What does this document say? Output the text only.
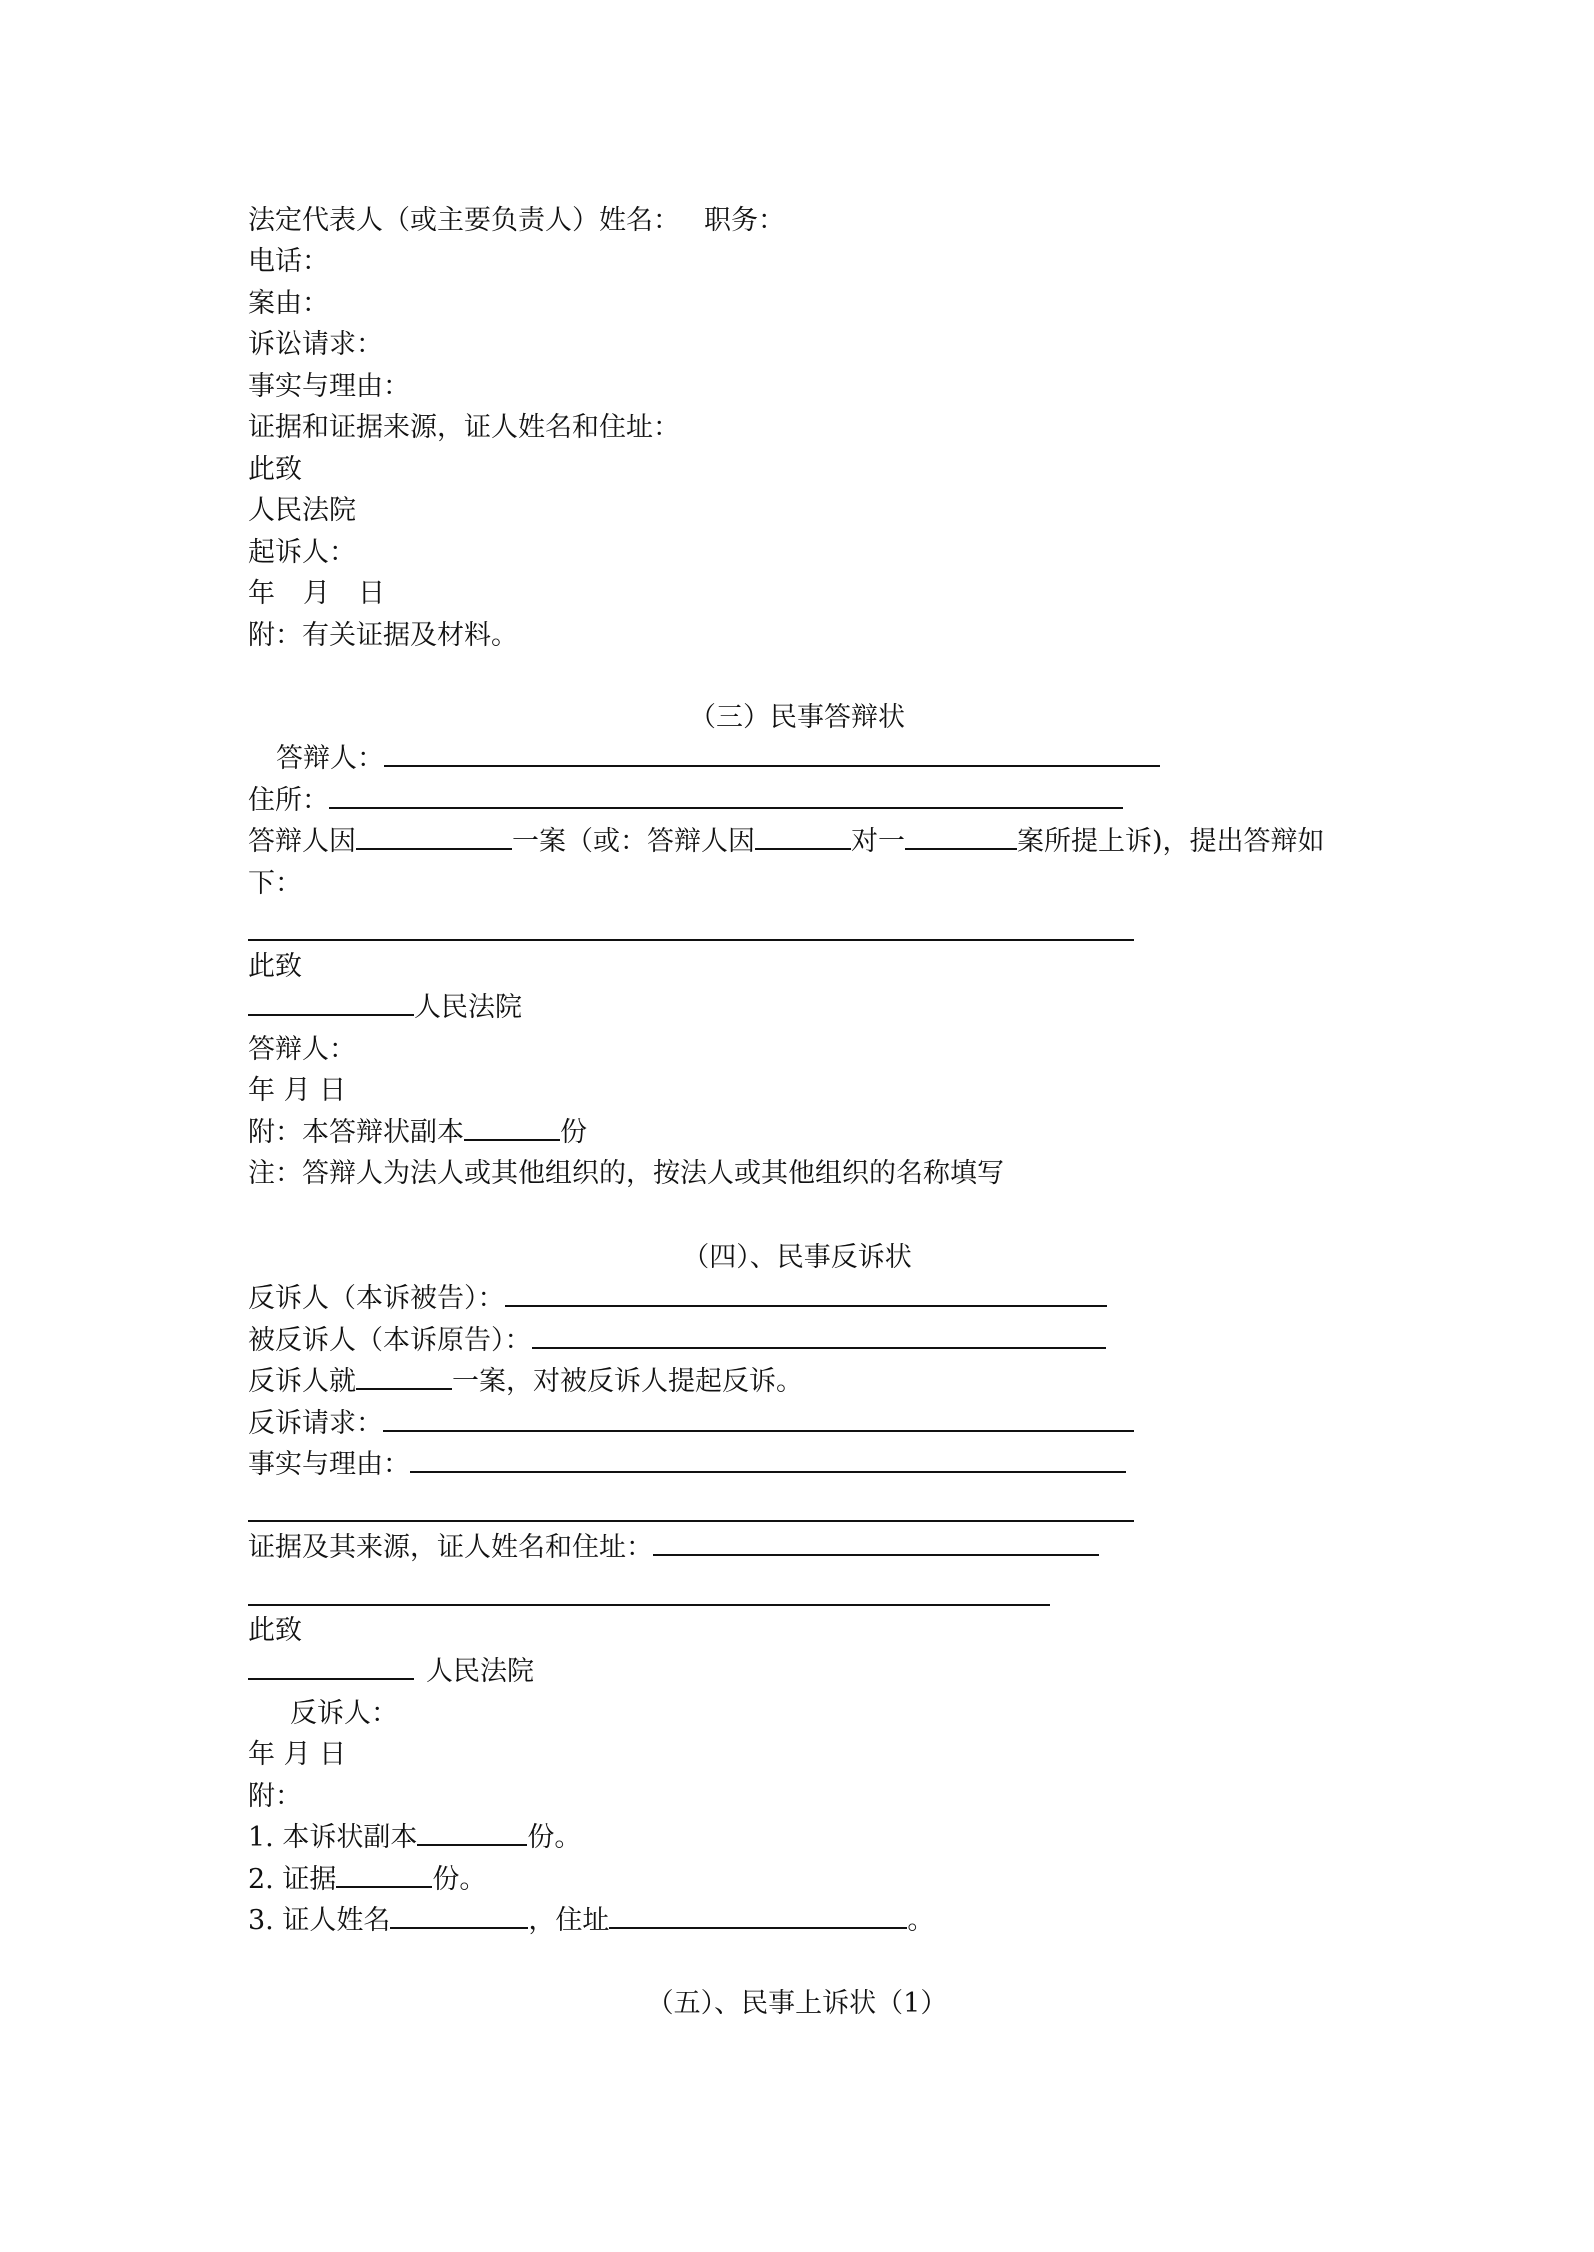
法定代表人（或主要负责人）姓名： 职务：
电话：
案由：
诉讼请求：
事实与理由：
证据和证据来源，证人姓名和住址：
此致
人民法院
起诉人：
年 月 日
附：有关证据及材料。
（三）民事答辩状
答辩人：
住所：
答辩人因	一案（或：答辩人因	对一	案所提上诉)，提出答辩如
下：
此致
人民法院
答辩人：
年 月 日
附：本答辩状副本	份
注：答辩人为法人或其他组织的，按法人或其他组织的名称填写
（四）、民事反诉状
反诉人（本诉被告）：
被反诉人（本诉原告）：
反诉人就	一案，对被反诉人提起反诉。
反诉请求：
事实与理由：
证据及其来源，证人姓名和住址：
此致
人民法院
反诉人：
年 月 日
附：
1. 本诉状副本	份。
2. 证据	份。
3. 证人姓名	，住址	。
（五）、民事上诉状（1）
